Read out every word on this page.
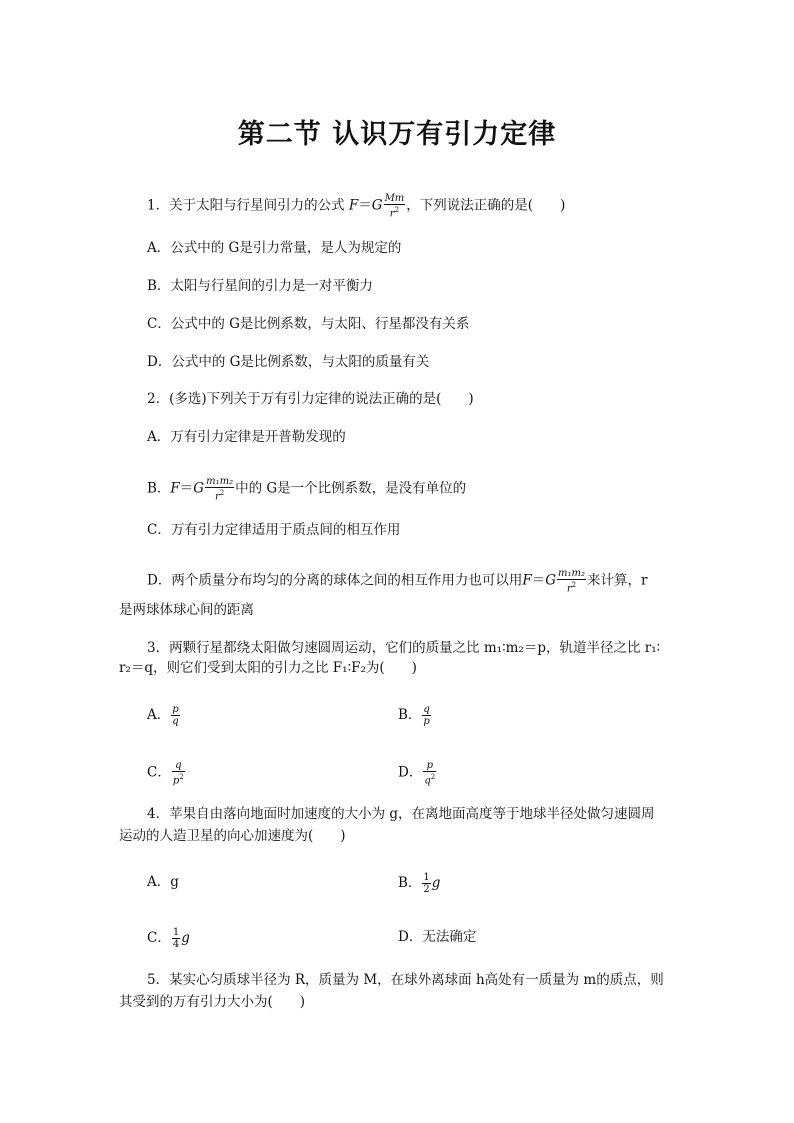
第二节 认识万有引力定律
1．关于太阳与行星间引力的公式 $F=G \frac{Mm}{r^2}$ ，下列说法正确的是(　　)
A．公式中的 G是引力常量，是人为规定的
B．太阳与行星间的引力是一对平衡力
C．公式中的 G是比例系数，与太阳、行星都没有关系
D．公式中的 G是比例系数，与太阳的质量有关
2．(多选)下列关于万有引力定律的说法正确的是(　　)
A．万有引力定律是开普勒发现的
B．$F=G \frac{\text{m₁m₂}}{r^2}$ 中的 G是一个比例系数，是没有单位的
C．万有引力定律适用于质点间的相互作用
D．两个质量分布均匀的分离的球体之间的相互作用力也可以用$F=G \frac{\text{m₁m₂}}{r^2}$ 来计算，r
是两球体球心间的距离
3．两颗行星都绕太阳做匀速圆周运动，它们的质量之比 m₁∶m₂＝p，轨道半径之比 r₁∶
r₂＝q，则它们受到太阳的引力之比 F₁∶F₂为(　　)
A． $\frac{p}{q}$	B． $\frac{q}{p}$
C． $\frac{q}{p^2}$	D． $\frac{p}{q^2}$
4．苹果自由落向地面时加速度的大小为 g，在离地面高度等于地球半径处做匀速圆周
运动的人造卫星的向心加速度为(　　)
A．g	B． $\frac{1}{2}$ g
C． $\frac{1}{4}$ g	D．无法确定
5．某实心匀质球半径为 R，质量为 M，在球外离球面 h高处有一质量为 m的质点，则
其受到的万有引力大小为(　　)
